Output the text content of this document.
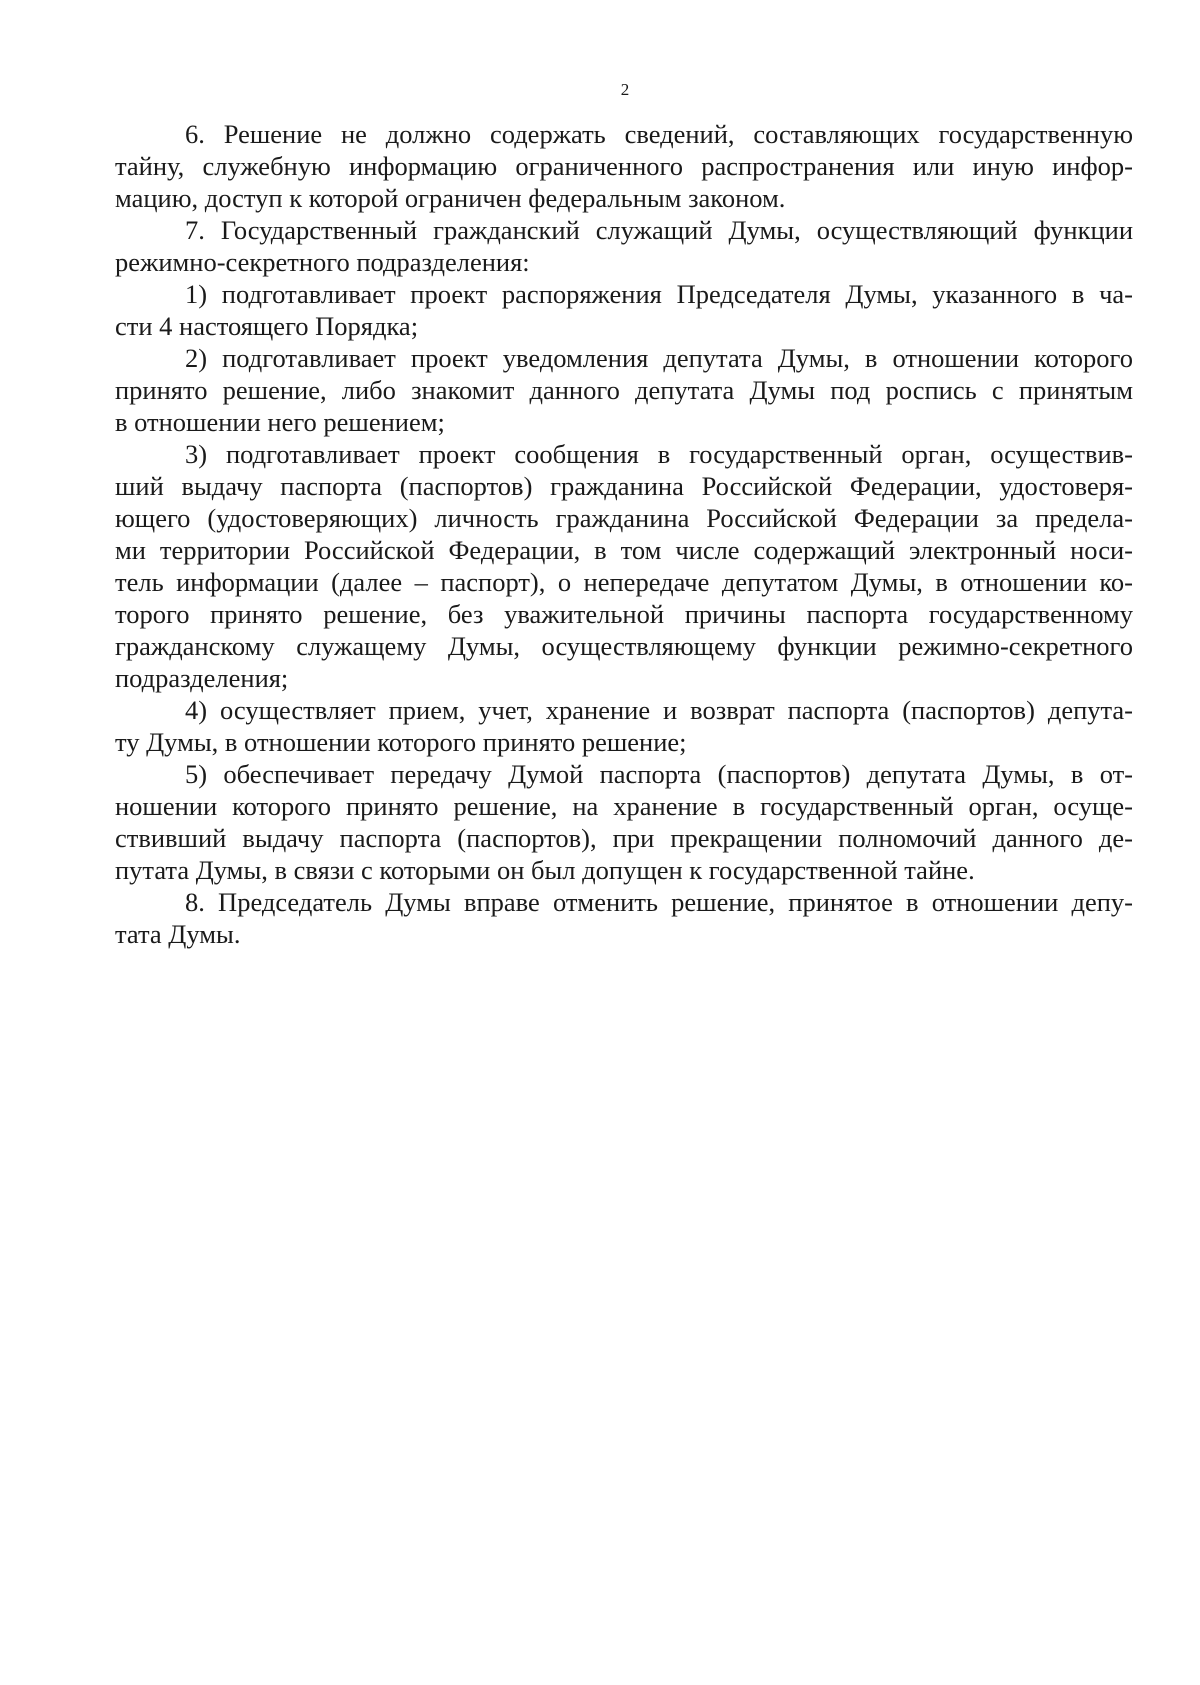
2
6. Решение не должно содержать сведений, составляющих государственную
тайну, служебную информацию ограниченного распространения или иную инфор-
мацию, доступ к которой ограничен федеральным законом.
7. Государственный гражданский служащий Думы, осуществляющий функции
режимно-секретного подразделения:
1) подготавливает проект распоряжения Председателя Думы, указанного в ча-
сти 4 настоящего Порядка;
2) подготавливает проект уведомления депутата Думы, в отношении которого
принято решение, либо знакомит данного депутата Думы под роспись с принятым
в отношении него решением;
3) подготавливает проект сообщения в государственный орган, осуществив-
ший выдачу паспорта (паспортов) гражданина Российской Федерации, удостоверя-
ющего (удостоверяющих) личность гражданина Российской Федерации за предела-
ми территории Российской Федерации, в том числе содержащий электронный носи-
тель информации (далее – паспорт), о непередаче депутатом Думы, в отношении ко-
торого принято решение, без уважительной причины паспорта государственному
гражданскому служащему Думы, осуществляющему функции режимно-секретного
подразделения;
4) осуществляет прием, учет, хранение и возврат паспорта (паспортов) депута-
ту Думы, в отношении которого принято решение;
5) обеспечивает передачу Думой паспорта (паспортов) депутата Думы, в от-
ношении которого принято решение, на хранение в государственный орган, осуще-
ствивший выдачу паспорта (паспортов), при прекращении полномочий данного де-
путата Думы, в связи с которыми он был допущен к государственной тайне.
8. Председатель Думы вправе отменить решение, принятое в отношении депу-
тата Думы.
